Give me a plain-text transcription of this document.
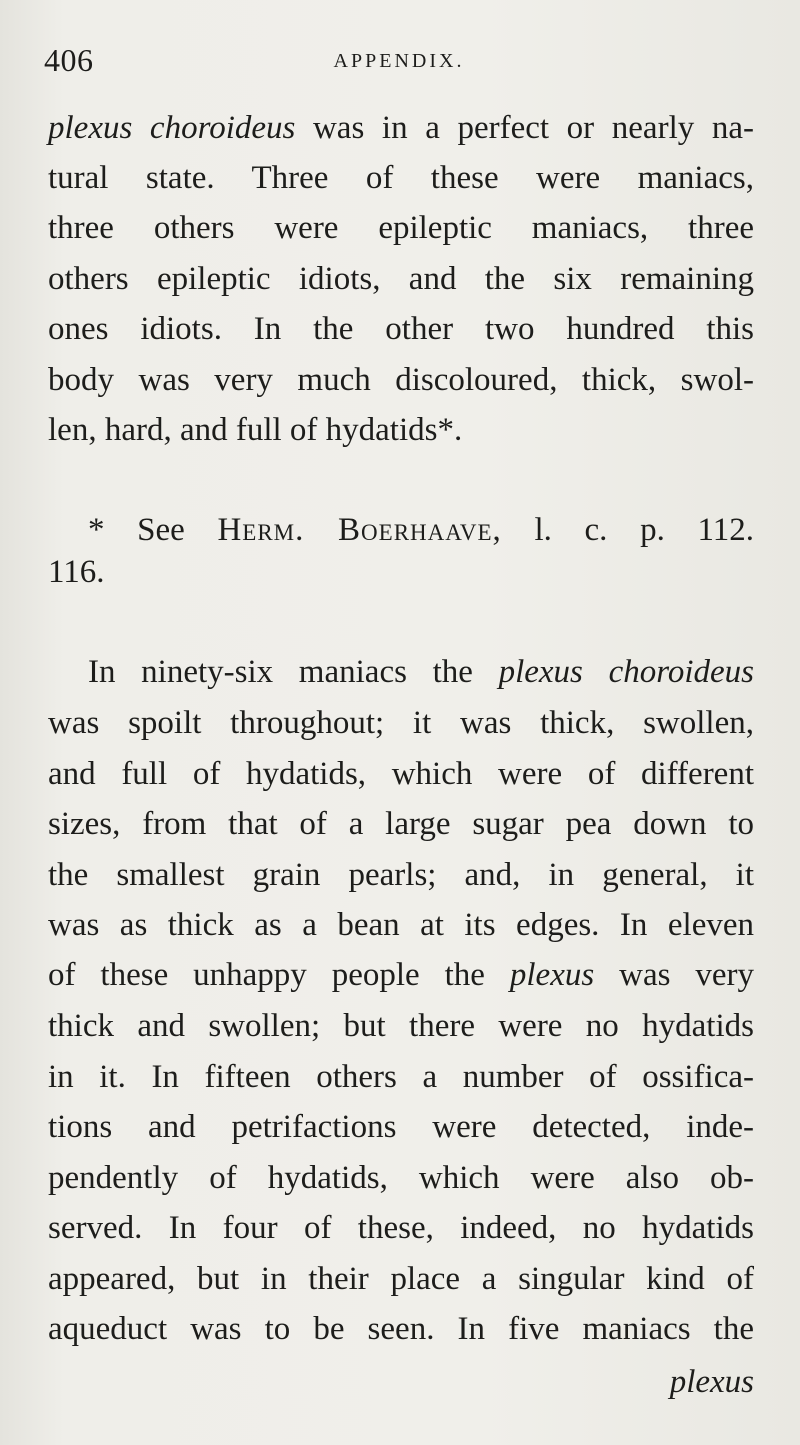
406	APPENDIX.
plexus choroideus was in a perfect or nearly na-
tural state. Three of these were maniacs,
three others were epileptic maniacs, three
others epileptic idiots, and the six remaining
ones idiots. In the other two hundred this
body was very much discoloured, thick, swol-
len, hard, and full of hydatids*.
* See Herm. Boerhaave, l. c. p. 112.
116.
In ninety-six maniacs the plexus choroideus
was spoilt throughout; it was thick, swollen,
and full of hydatids, which were of different
sizes, from that of a large sugar pea down to
the smallest grain pearls; and, in general, it
was as thick as a bean at its edges. In eleven
of these unhappy people the plexus was very
thick and swollen; but there were no hydatids
in it. In fifteen others a number of ossifica-
tions and petrifactions were detected, inde-
pendently of hydatids, which were also ob-
served. In four of these, indeed, no hydatids
appeared, but in their place a singular kind of
aqueduct was to be seen. In five maniacs the
plexus
